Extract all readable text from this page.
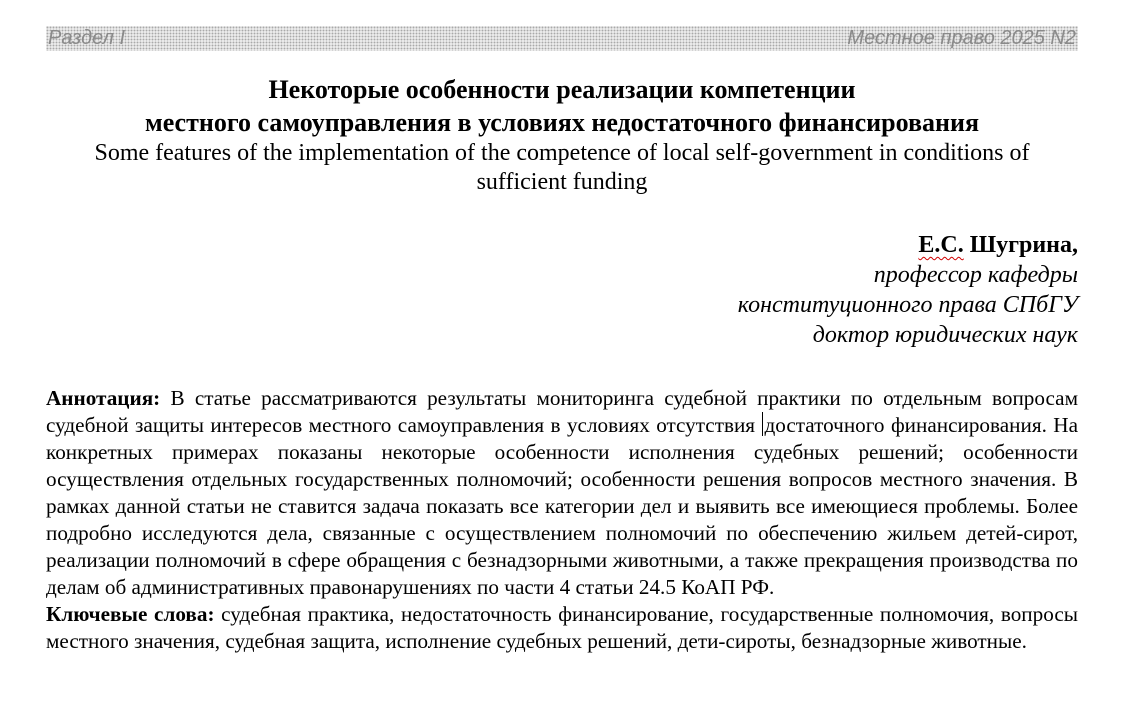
Раздел I	Местное право 2025 N2
Некоторые особенности реализации компетенции
местного самоуправления в условиях недостаточного финансирования
Some features of the implementation of the competence of local self-government in conditions of sufficient funding
Е.С. Шугрина,
профессор кафедры
конституционного права СПбГУ
доктор юридических наук

Аннотация: В статье рассматриваются результаты мониторинга судебной практики по отдельным вопросам судебной защиты интересов местного самоуправления в условиях отсутствия достаточного финансирования. На конкретных примерах показаны некоторые особенности исполнения судебных решений; особенности осуществления отдельных государственных полномочий; особенности решения вопросов местного значения. В рамках данной статьи не ставится задача показать все категории дел и выявить все имеющиеся проблемы. Более подробно исследуются дела, связанные с осуществлением полномочий по обеспечению жильем детей-сирот, реализации полномочий в сфере обращения с безнадзорными животными, а также прекращения производства по делам об административных правонарушениях по части 4 статьи 24.5 КоАП РФ.

Ключевые слова: судебная практика, недостаточность финансирование, государственные полномочия, вопросы местного значения, судебная защита, исполнение судебных решений, дети-сироты, безнадзорные животные.
